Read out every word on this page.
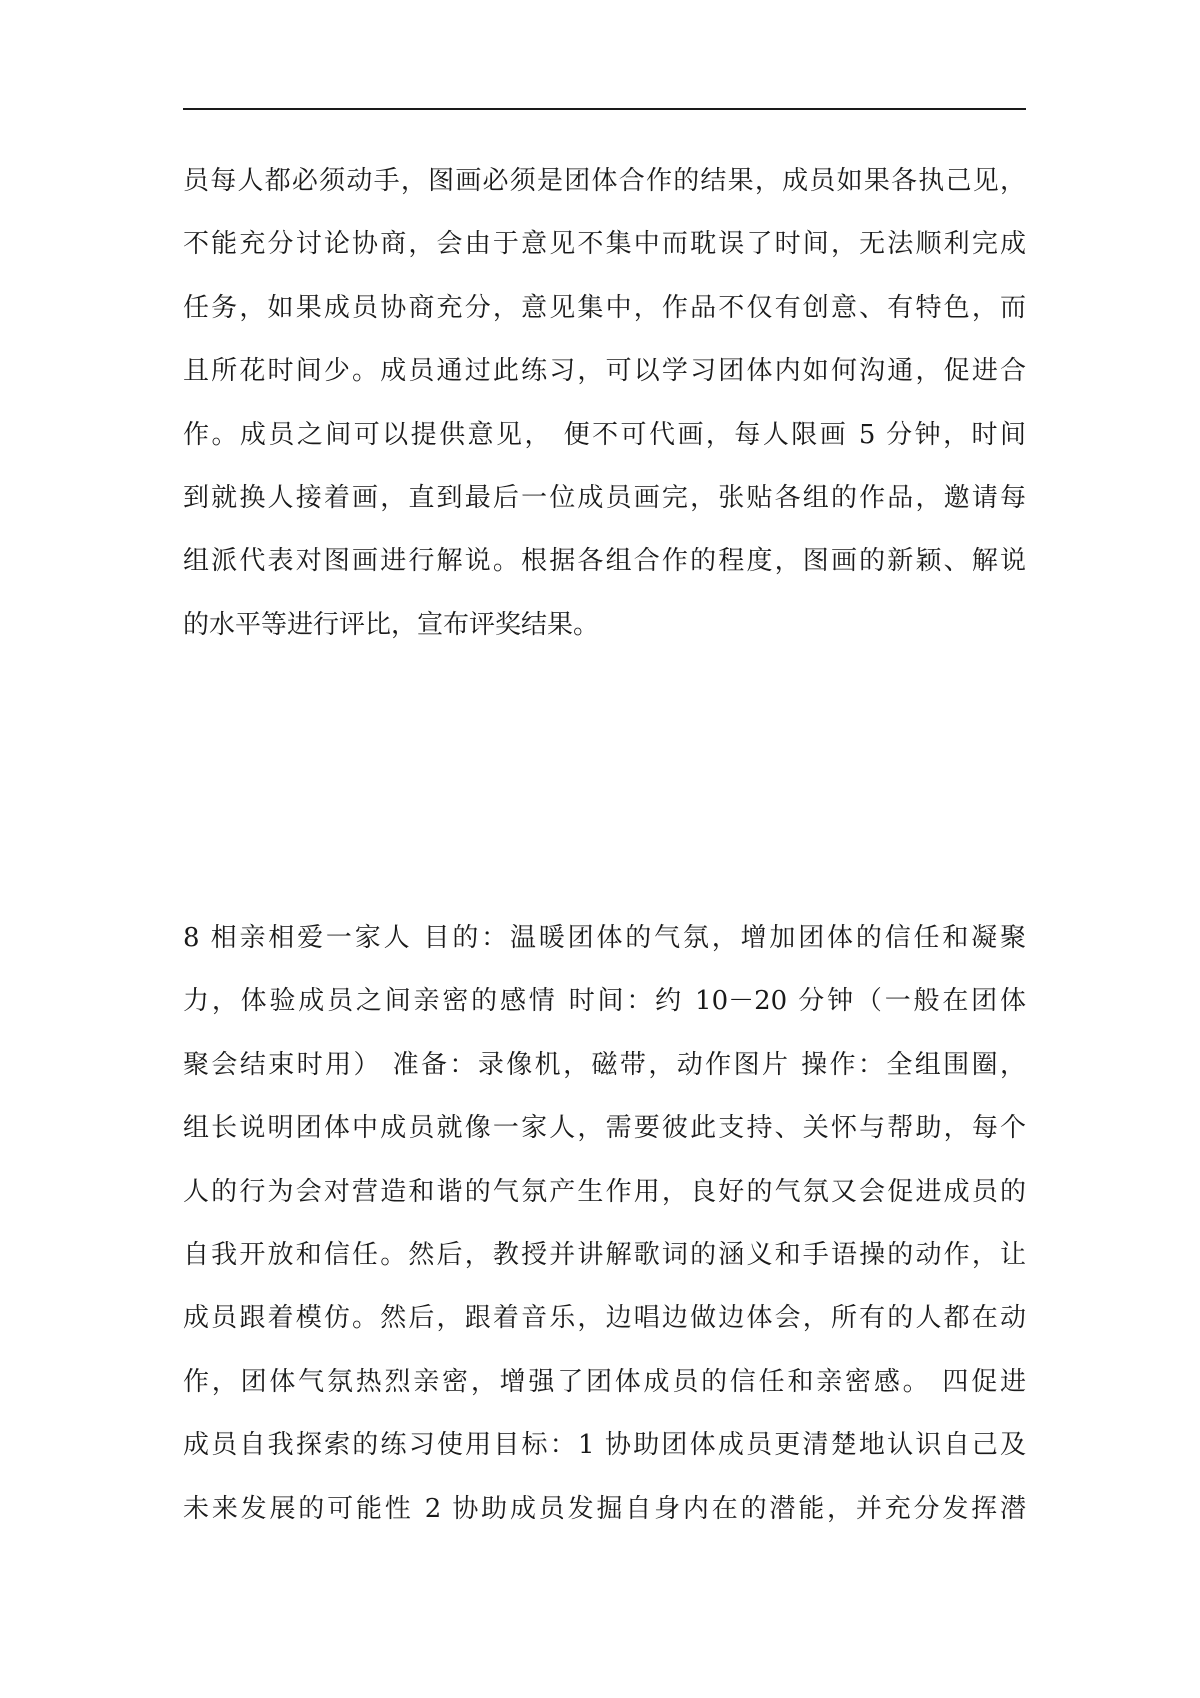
员每人都必须动手，图画必须是团体合作的结果，成员如果各执己见，
不能充分讨论协商，会由于意见不集中而耽误了时间，无法顺利完成
任务，如果成员协商充分，意见集中，作品不仅有创意、有特色，而
且所花时间少。成员通过此练习，可以学习团体内如何沟通，促进合
作。成员之间可以提供意见， 便不可代画，每人限画 5 分钟，时间
到就换人接着画，直到最后一位成员画完，张贴各组的作品，邀请每
组派代表对图画进行解说。根据各组合作的程度，图画的新颖、解说
的水平等进行评比，宣布评奖结果。
8 相亲相爱一家人 目的：温暖团体的气氛，增加团体的信任和凝聚
力，体验成员之间亲密的感情 时间：约 10－20 分钟（一般在团体
聚会结束时用） 准备：录像机，磁带，动作图片 操作：全组围圈，
组长说明团体中成员就像一家人，需要彼此支持、关怀与帮助，每个
人的行为会对营造和谐的气氛产生作用，良好的气氛又会促进成员的
自我开放和信任。然后，教授并讲解歌词的涵义和手语操的动作，让
成员跟着模仿。然后，跟着音乐，边唱边做边体会，所有的人都在动
作，团体气氛热烈亲密，增强了团体成员的信任和亲密感。 四促进
成员自我探索的练习使用目标：1 协助团体成员更清楚地认识自己及
未来发展的可能性 2 协助成员发掘自身内在的潜能，并充分发挥潜
